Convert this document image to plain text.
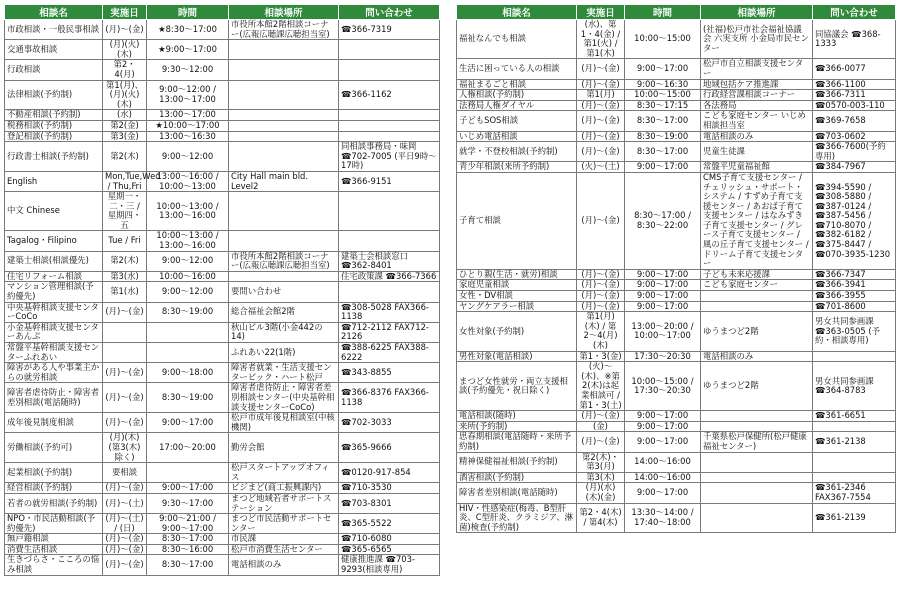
相談名	実施日	時間	相談場所	問い合わせ
市政相談・一般民事相談	(月)〜(金)	★8:30〜17:00	市役所本館2階相談コーナー(広報広聴課広聴担当室)	☎366-7319
交通事故相談	(月)(火)(木)	★9:00〜17:00		
行政相談	第2・4(月)	9:30〜12:00		
法律相談(予約制)	第1(月)、(月)(火)(木)	9:00〜12:00 / 13:00〜17:00		☎366-1162
不動産相談(予約制)	(水)	13:00〜17:00		
税務相談(予約制)	第2(金)	★10:00〜17:00		
登記相談(予約制)	第3(金)	13:00〜16:30		
行政書士相談(予約制)	第2(木)	9:00〜12:00		同相談事務局・味岡 ☎702-7005 (平日9時〜17時)
English	Mon,Tue,Wed / Thu,Fri	13:00〜16:00 / 10:00〜13:00	City Hall main bld. Level2	☎366-9151
中文 Chinese	星期一・二・三 / 星期四・五	10:00〜13:00 / 13:00〜16:00		
Tagalog・Filipino	Tue / Fri	10:00〜13:00 / 13:00〜16:00		
建築士相談(相談優先)	第2(木)	9:00〜12:00	市役所本館2階相談コーナー(広報広聴課広聴担当室)	建築士会相談窓口 ☎362-8401
住宅リフォーム相談	第3(水)	10:00〜16:00		住宅政策課 ☎366-7366
マンション管理相談(予約優先)	第1(水)	9:00〜12:00	要問い合わせ	
中央基幹相談支援センターCoCo	(月)〜(金)	8:30〜19:00	総合福祉会館2階	☎308-5028 FAX366-1138
小金基幹相談支援センターあんぷ			秋山ビル3階(小金442の14)	☎712-2112 FAX712-2126
常盤平基幹相談支援センターふれあい			ふれあい22(1階)	☎388-6225 FAX388-6222
障害がある人や事業主からの就労相談	(月)〜(金)	9:00〜18:00	障害者就業・生活支援センタービック・ハート松戸	☎343-8855
障害者虐待防止・障害者差別相談(電話随時)	(月)〜(金)	8:30〜19:00	障害者虐待防止・障害者差別相談センター(中央基幹相談支援センターCoCo)	☎366-8376 FAX366-1138
成年後見制度相談	(月)〜(金)	9:00〜17:00	松戸市成年後見相談室(中核機関)	☎702-3033
労働相談(予約可)	(月)(木)(第3(木)除く)	17:00〜20:00	勤労会館	☎365-9666
起業相談(予約制)	要相談		松戸スタートアップオフィス	☎0120-917-854
経営相談(予約制)	(月)〜(金)	9:00〜17:00	ビジまど(商工振興課内)	☎710-3530
若者の就労相談(予約制)	(月)〜(土)	9:30〜17:00	まつど地域若者サポートステーション	☎703-8301
NPO・市民活動相談(予約優先)	(月)〜(土) / (日)	9:00〜21:00 / 9:00〜17:00	まつど市民活動サポートセンター	☎365-5522
無戸籍相談	(月)〜(金)	8:30〜17:00	市民課	☎710-6080
消費生活相談	(月)〜(金)	8:30〜16:00	松戸市消費生活センター	☎365-6565
生きづらさ・こころの悩み相談	(月)〜(金)	8:30〜17:00	電話相談のみ	健康推進課 ☎703-9293(相談専用)
相談名	実施日	時間	相談場所	問い合わせ
福祉なんでも相談	(水)、第1・4(金) / 第1(火) / 第1(木)	10:00〜15:00	(社福)松戸市社会福祉協議会 六実支所 小金局市民センター	同協議会 ☎368-1333
生活に困っている人の相談	(月)〜(金)	9:00〜17:00	松戸市自立相談支援センター	☎366-0077
福祉まるごと相談	(月)〜(金)	9:00〜16:30	地域包括ケア推進課	☎366-1100
人権相談(予約制)	第1(月)	10:00〜15:00	行政経営課相談コーナー	☎366-7311
法務局人権ダイヤル	(月)〜(金)	8:30〜17:15	各法務局	☎0570-003-110
子どもSOS相談	(月)〜(金)	8:30〜17:00	こども家庭センター いじめ相談担当室	☎369-7658
いじめ電話相談	(月)〜(金)	8:30〜19:00	電話相談のみ	☎703-0602
就学・不登校相談(予約制)	(月)〜(金)	8:30〜17:00	児童生徒課	☎366-7600(予約専用)
青少年相談(来所予約制)	(火)〜(土)	9:00〜17:00	常盤平児童福祉館	☎384-7967
子育て相談	(月)〜(金)	8:30〜17:00 / 8:30〜22:00	CMS子育て支援センター / チェリッシュ・サポート・システム / すずめ子育て支援センター / あおば子育て支援センター / はなみずき子育て支援センター / グレース子育て支援センター / 風の丘子育て支援センター / ドリーム子育て支援センター	☎394-5590 / ☎308-5880 / ☎387-0124 / ☎387-5456 / ☎710-8070 / ☎382-6182 / ☎375-8447 / ☎070-3935-1230
ひとり親(生活・就労)相談	(月)〜(金)	9:00〜17:00	子ども未来応援課	☎366-7347
家庭児童相談	(月)〜(金)	9:00〜17:00	こども家庭センター	☎366-3941
女性・DV相談	(月)〜(金)	9:00〜17:00		☎366-3955
ヤングケアラー相談	(月)〜(金)	9:00〜17:00		☎701-8600
女性対象(予約制)	第1(月)(木) / 第2〜4(月)(木)	13:00〜20:00 / 10:00〜17:00	ゆうまつど2階	男女共同参画課 ☎363-0505 (予約・相談専用)
男性対象(電話相談)	第1・3(金)	17:30〜20:30	電話相談のみ	
まつど女性就労・両立支援相談(予約優先・祝日除く)	(火)〜(木)、※第2(木)は起業相談可 / 第1・3(土)	10:00〜15:00 / 17:30〜20:30	ゆうまつど2階	男女共同参画課 ☎364-8783
電話相談(随時)	(月)〜(金)	9:00〜17:00		☎361-6651
来所(予約制)	(金)	9:00〜17:00		
思春期相談(電話随時・来所予約制)	(月)〜(金)	9:00〜17:00	千葉県松戸保健所(松戸健康福祉センター)	☎361-2138
精神保健福祉相談(予約制)	第2(木)・第3(月)	14:00〜16:00		
酒害相談(予約制)	第3(木)	14:00〜16:00		
障害者差別相談(電話随時)	(月)(水)(木)(金)	9:00〜17:00		☎361-2346 FAX367-7554
HIV・性感染症(梅毒、B型肝炎、C型肝炎、クラミジア、淋菌)検査(予約制)	第2・4(木) / 第4(木)	13:30〜14:00 / 17:40〜18:00		☎361-2139
